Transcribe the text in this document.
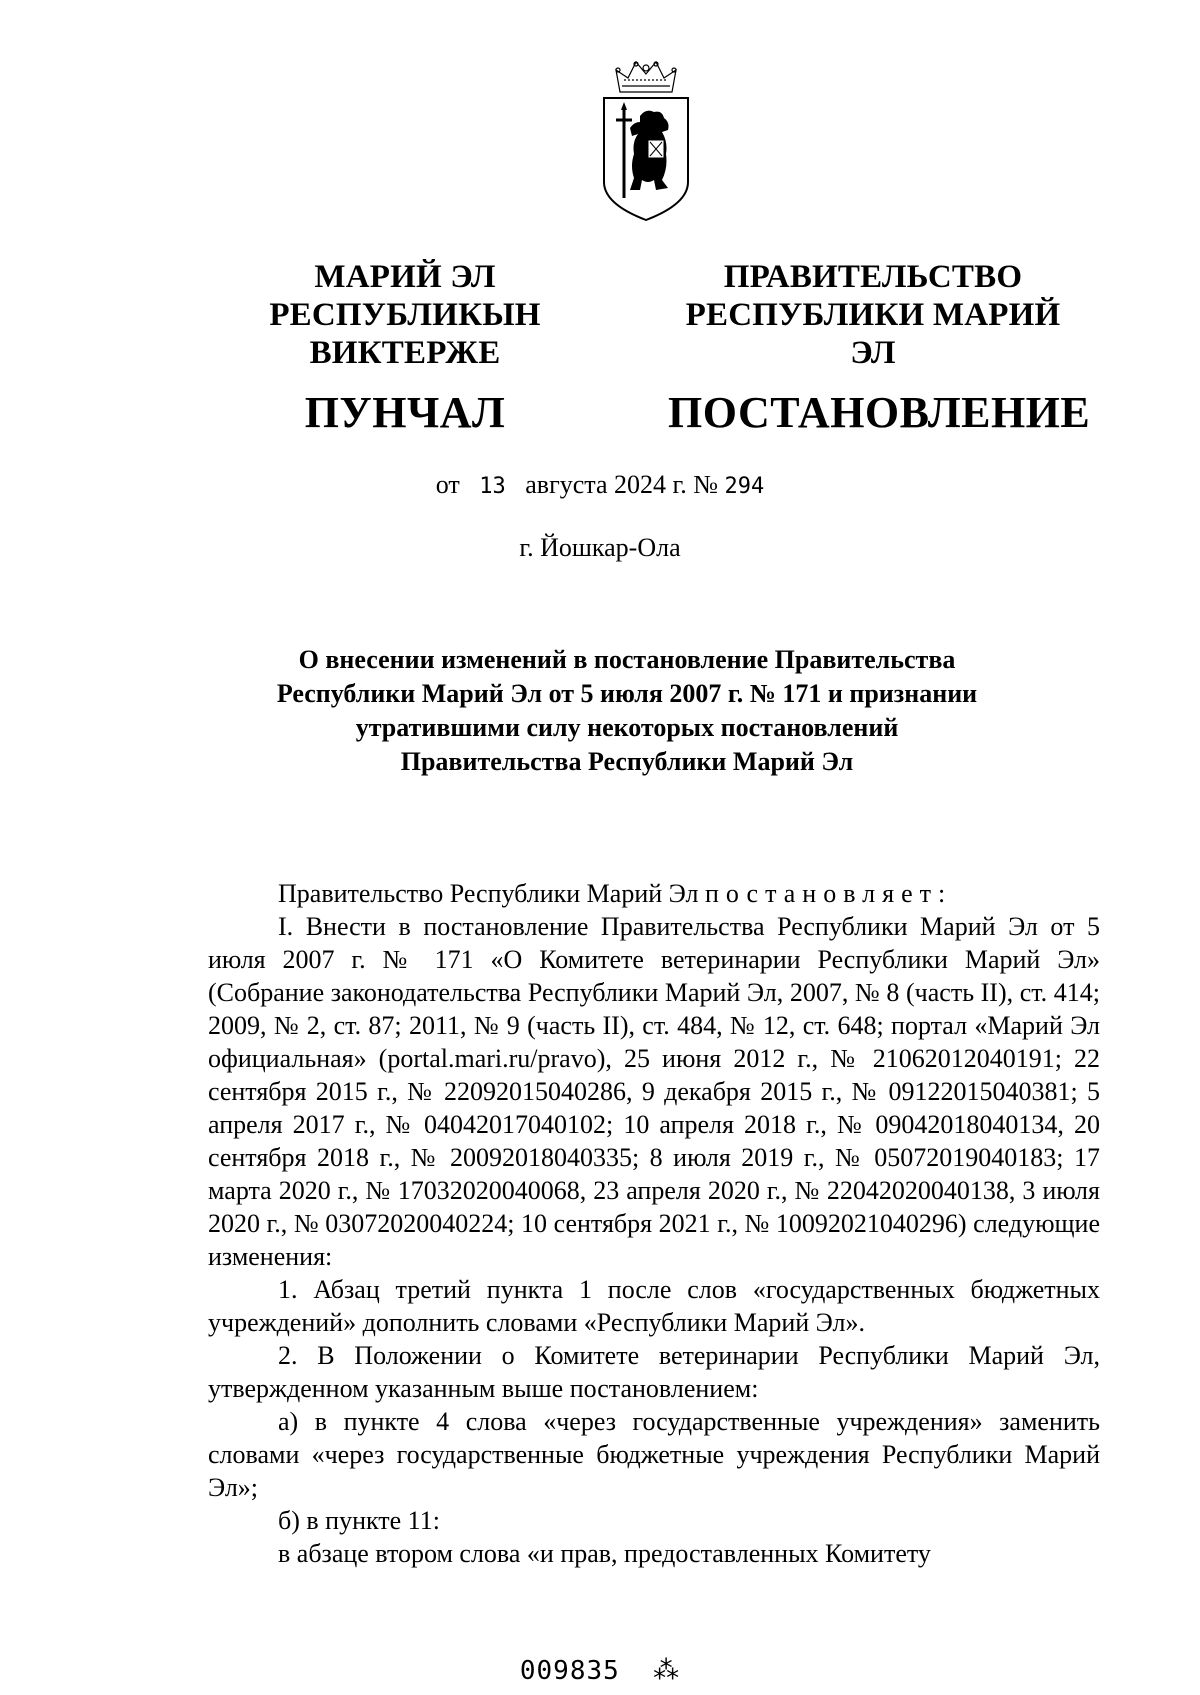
МАРИЙ ЭЛ РЕСПУБЛИКЫН
ВИКТЕРЖЕ
ПУНЧАЛ
ПРАВИТЕЛЬСТВО
РЕСПУБЛИКИ МАРИЙ ЭЛ
ПОСТАНОВЛЕНИЕ
от 13 августа 2024 г. № 294
г. Йошкар-Ола
О внесении изменений в постановление Правительства
Республики Марий Эл от 5 июля 2007 г. № 171 и признании
утратившими силу некоторых постановлений
Правительства Республики Марий Эл

Правительство Республики Марий Эл постановляет:

I. Внести в постановление Правительства Республики Марий Эл от 5 июля 2007 г. № 171 «О Комитете ветеринарии Республики Марий Эл» (Собрание законодательства Республики Марий Эл, 2007, № 8 (часть II), ст. 414; 2009, № 2, ст. 87; 2011, № 9 (часть II), ст. 484, № 12, ст. 648; портал «Марий Эл официальная» (portal.mari.ru/pravo), 25 июня 2012 г., № 21062012040191; 22 сентября 2015 г., № 22092015040286, 9 декабря 2015 г., № 09122015040381; 5 апреля 2017 г., № 04042017040102; 10 апреля 2018 г., № 09042018040134, 20 сентября 2018 г., № 20092018040335; 8 июля 2019 г., № 05072019040183; 17 марта 2020 г., № 17032020040068, 23 апреля 2020 г., № 22042020040138, 3 июля 2020 г., № 03072020040224; 10 сентября 2021 г., № 10092021040296) следующие изменения:

1. Абзац третий пункта 1 после слов «государственных бюджетных учреждений» дополнить словами «Республики Марий Эл».

2. В Положении о Комитете ветеринарии Республики Марий Эл, утвержденном указанным выше постановлением:

а) в пункте 4 слова «через государственные учреждения» заменить словами «через государственные бюджетные учреждения Республики Марий Эл»;

б) в пункте 11:

в абзаце втором слова «и прав, предоставленных Комитету

009835 ⁂
